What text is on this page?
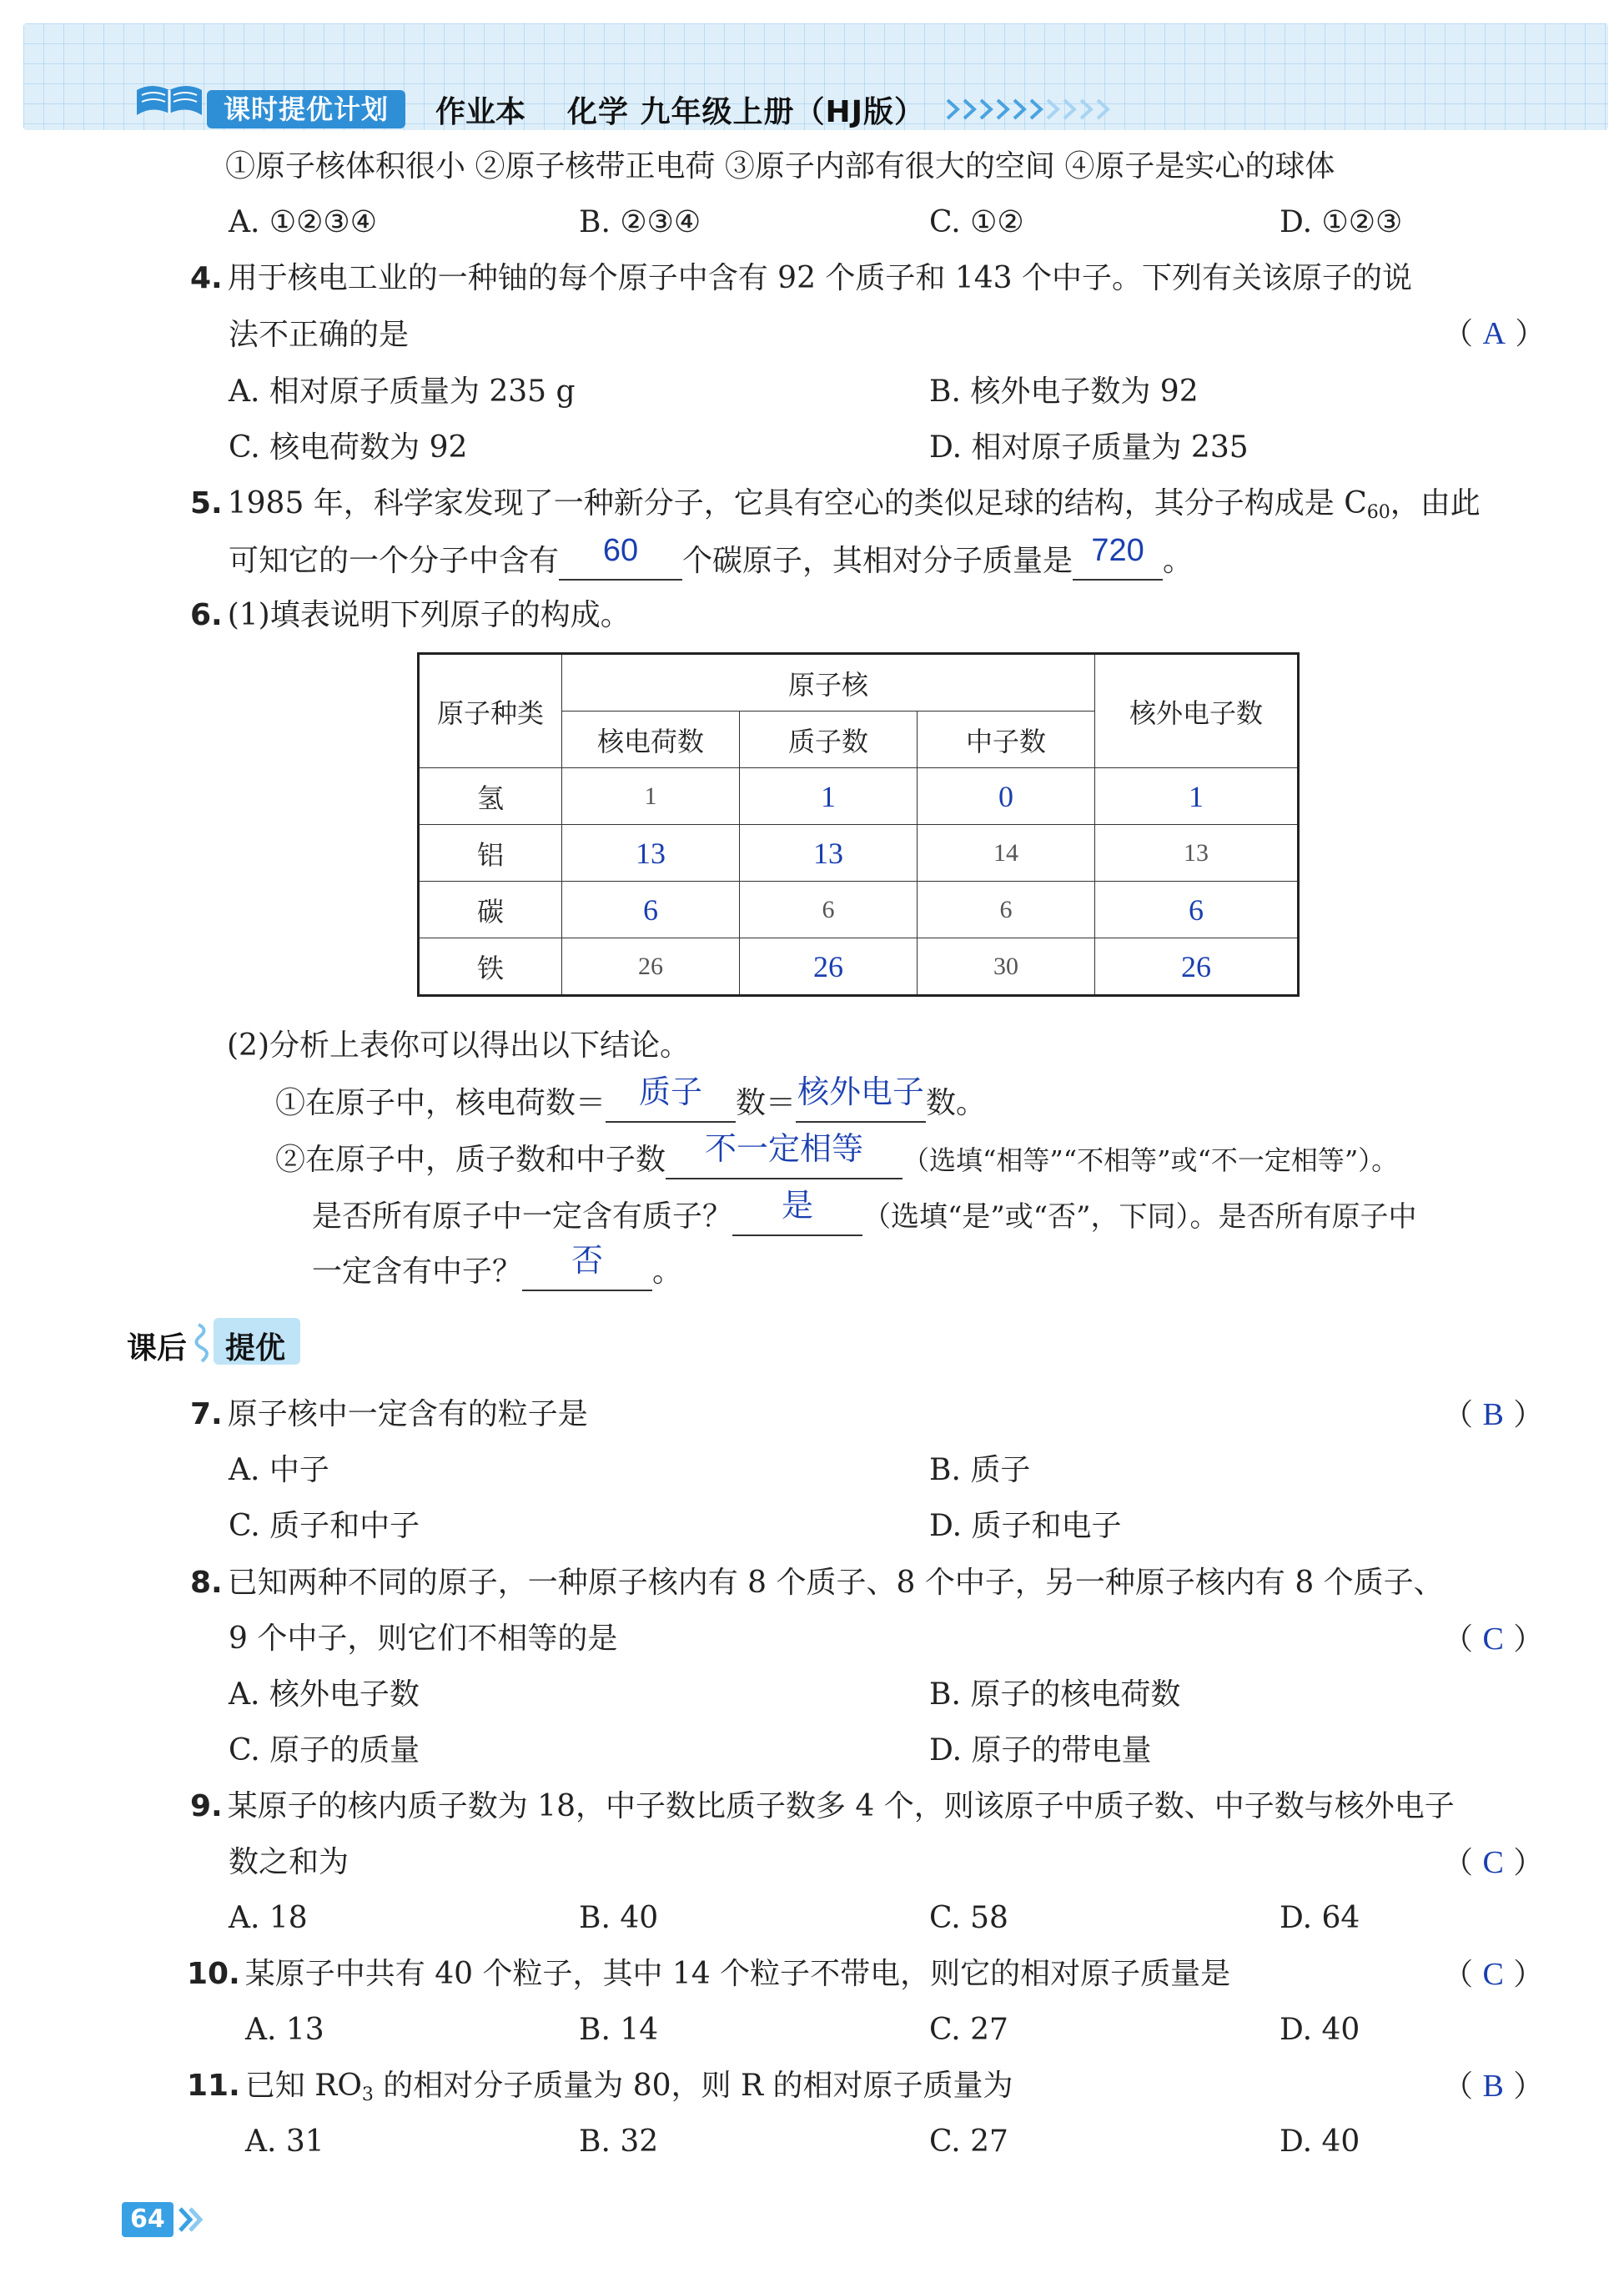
课时提优计划	作业本 化学 九年级上册（HJ版）
①原子核体积很小 ②原子核带正电荷 ③原子内部有很大的空间 ④原子是实心的球体
A. ①②③④	B. ②③④	C. ①②	D. ①②③
4. 用于核电工业的一种铀的每个原子中含有 92 个质子和 143 个中子。下列有关该原子的说
法不正确的是	（ A ）
A. 相对原子质量为 235 g	B. 核外电子数为 92
C. 核电荷数为 92	D. 相对原子质量为 235
5. 1985 年，科学家发现了一种新分子，它具有空心的类似足球的结构，其分子构成是 $C_{60}$，由此
可知它的一个分子中含有 60 个碳原子，其相对分子质量是 720 。
6. (1)填表说明下列原子的构成。
原子种类	原子核			核外电子数
	核电荷数	质子数	中子数	
氢	1	1	0	1
铝	13	13	14	13
碳	6	6	6	6
铁	26	26	30	26
(2)分析上表你可以得出以下结论。
①在原子中，核电荷数＝ 质子 数＝核外电子数。
②在原子中，质子数和中子数 不一定相等 （选填“相等”“不相等”或“不一定相等”）。
是否所有原子中一定含有质子？ 是 （选填“是”或“否”，下同）。是否所有原子中
一定含有中子？ 否 。
课后 提优
7. 原子核中一定含有的粒子是	（ B ）
A. 中子	B. 质子
C. 质子和中子	D. 质子和电子
8. 已知两种不同的原子，一种原子核内有 8 个质子、8 个中子，另一种原子核内有 8 个质子、
9 个中子，则它们不相等的是	（ C ）
A. 核外电子数	B. 原子的核电荷数
C. 原子的质量	D. 原子的带电量
9. 某原子的核内质子数为 18，中子数比质子数多 4 个，则该原子中质子数、中子数与核外电子
数之和为	（ C ）
A. 18	B. 40	C. 58	D. 64
10. 某原子中共有 40 个粒子，其中 14 个粒子不带电，则它的相对原子质量是	（ C ）
A. 13	B. 14	C. 27	D. 40
11. 已知 $RO_3$ 的相对分子质量为 80，则 R 的相对原子质量为	（ B ）
A. 31	B. 32	C. 27	D. 40
64
